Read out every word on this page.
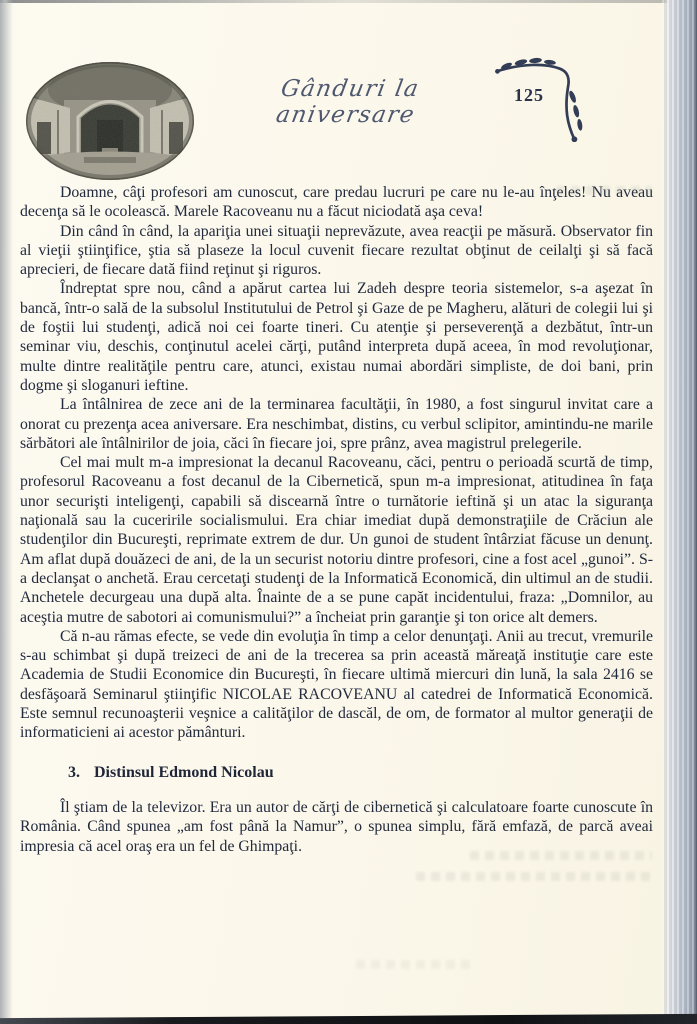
Gânduri la aniversare
125

Doamne, câţi profesori am cunoscut, care predau lucruri pe care nu le-au înţeles! Nu aveau decenţa să le ocolească. Marele Racoveanu nu a făcut niciodată aşa ceva!

Din când în când, la apariţia unei situaţii neprevăzute, avea reacţii pe măsură. Observator fin al vieţii ştiinţifice, ştia să plaseze la locul cuvenit fiecare rezultat obţinut de ceilalţi şi să facă aprecieri, de fiecare dată fiind reţinut şi riguros.

Îndreptat spre nou, când a apărut cartea lui Zadeh despre teoria sistemelor, s-a aşezat în bancă, într-o sală de la subsolul Institutului de Petrol şi Gaze de pe Magheru, alături de colegii lui şi de foştii lui studenţi, adică noi cei foarte tineri. Cu atenţie şi perseverenţă a dezbătut, într-un seminar viu, deschis, conţinutul acelei cărţi, putând interpreta după aceea, în mod revoluţionar, multe dintre realităţile pentru care, atunci, existau numai abordări simpliste, de doi bani, prin dogme şi sloganuri ieftine.

La întâlnirea de zece ani de la terminarea facultăţii, în 1980, a fost singurul invitat care a onorat cu prezenţa acea aniversare. Era neschimbat, distins, cu verbul sclipitor, amintindu-ne marile sărbători ale întâlnirilor de joia, căci în fiecare joi, spre prânz, avea magistrul prelegerile.

Cel mai mult m-a impresionat la decanul Racoveanu, căci, pentru o perioadă scurtă de timp, profesorul Racoveanu a fost decanul de la Cibernetică, spun m-a impresionat, atitudinea în faţa unor securişti inteligenţi, capabili să discearnă între o turnătorie ieftină şi un atac la siguranţa naţională sau la cuceririle socialismului. Era chiar imediat după demonstraţiile de Crăciun ale studenţilor din Bucureşti, reprimate extrem de dur. Un gunoi de student întârziat făcuse un denunţ. Am aflat după douăzeci de ani, de la un securist notoriu dintre profesori, cine a fost acel „gunoi”. S-a declanşat o anchetă. Erau cercetaţi studenţi de la Informatică Economică, din ultimul an de studii. Anchetele decurgeau una după alta. Înainte de a se pune capăt incidentului, fraza: „Domnilor, au aceştia mutre de sabotori ai comunismului?” a încheiat prin garanţie şi ton orice alt demers.

Că n-au rămas efecte, se vede din evoluţia în timp a celor denunţaţi. Anii au trecut, vremurile s-au schimbat şi după treizeci de ani de la trecerea sa prin această măreaţă instituţie care este Academia de Studii Economice din Bucureşti, în fiecare ultimă miercuri din lună, la sala 2416 se desfăşoară Seminarul ştiinţific NICOLAE RACOVEANU al catedrei de Informatică Economică. Este semnul recunoaşterii veşnice a calităţilor de dascăl, de om, de formator al multor generaţii de informaticieni ai acestor pământuri.

3. Distinsul Edmond Nicolau

Îl ştiam de la televizor. Era un autor de cărţi de cibernetică şi calculatoare foarte cunoscute în România. Când spunea „am fost până la Namur”, o spunea simplu, fără emfază, de parcă aveai impresia că acel oraş era un fel de Ghimpaţi.
